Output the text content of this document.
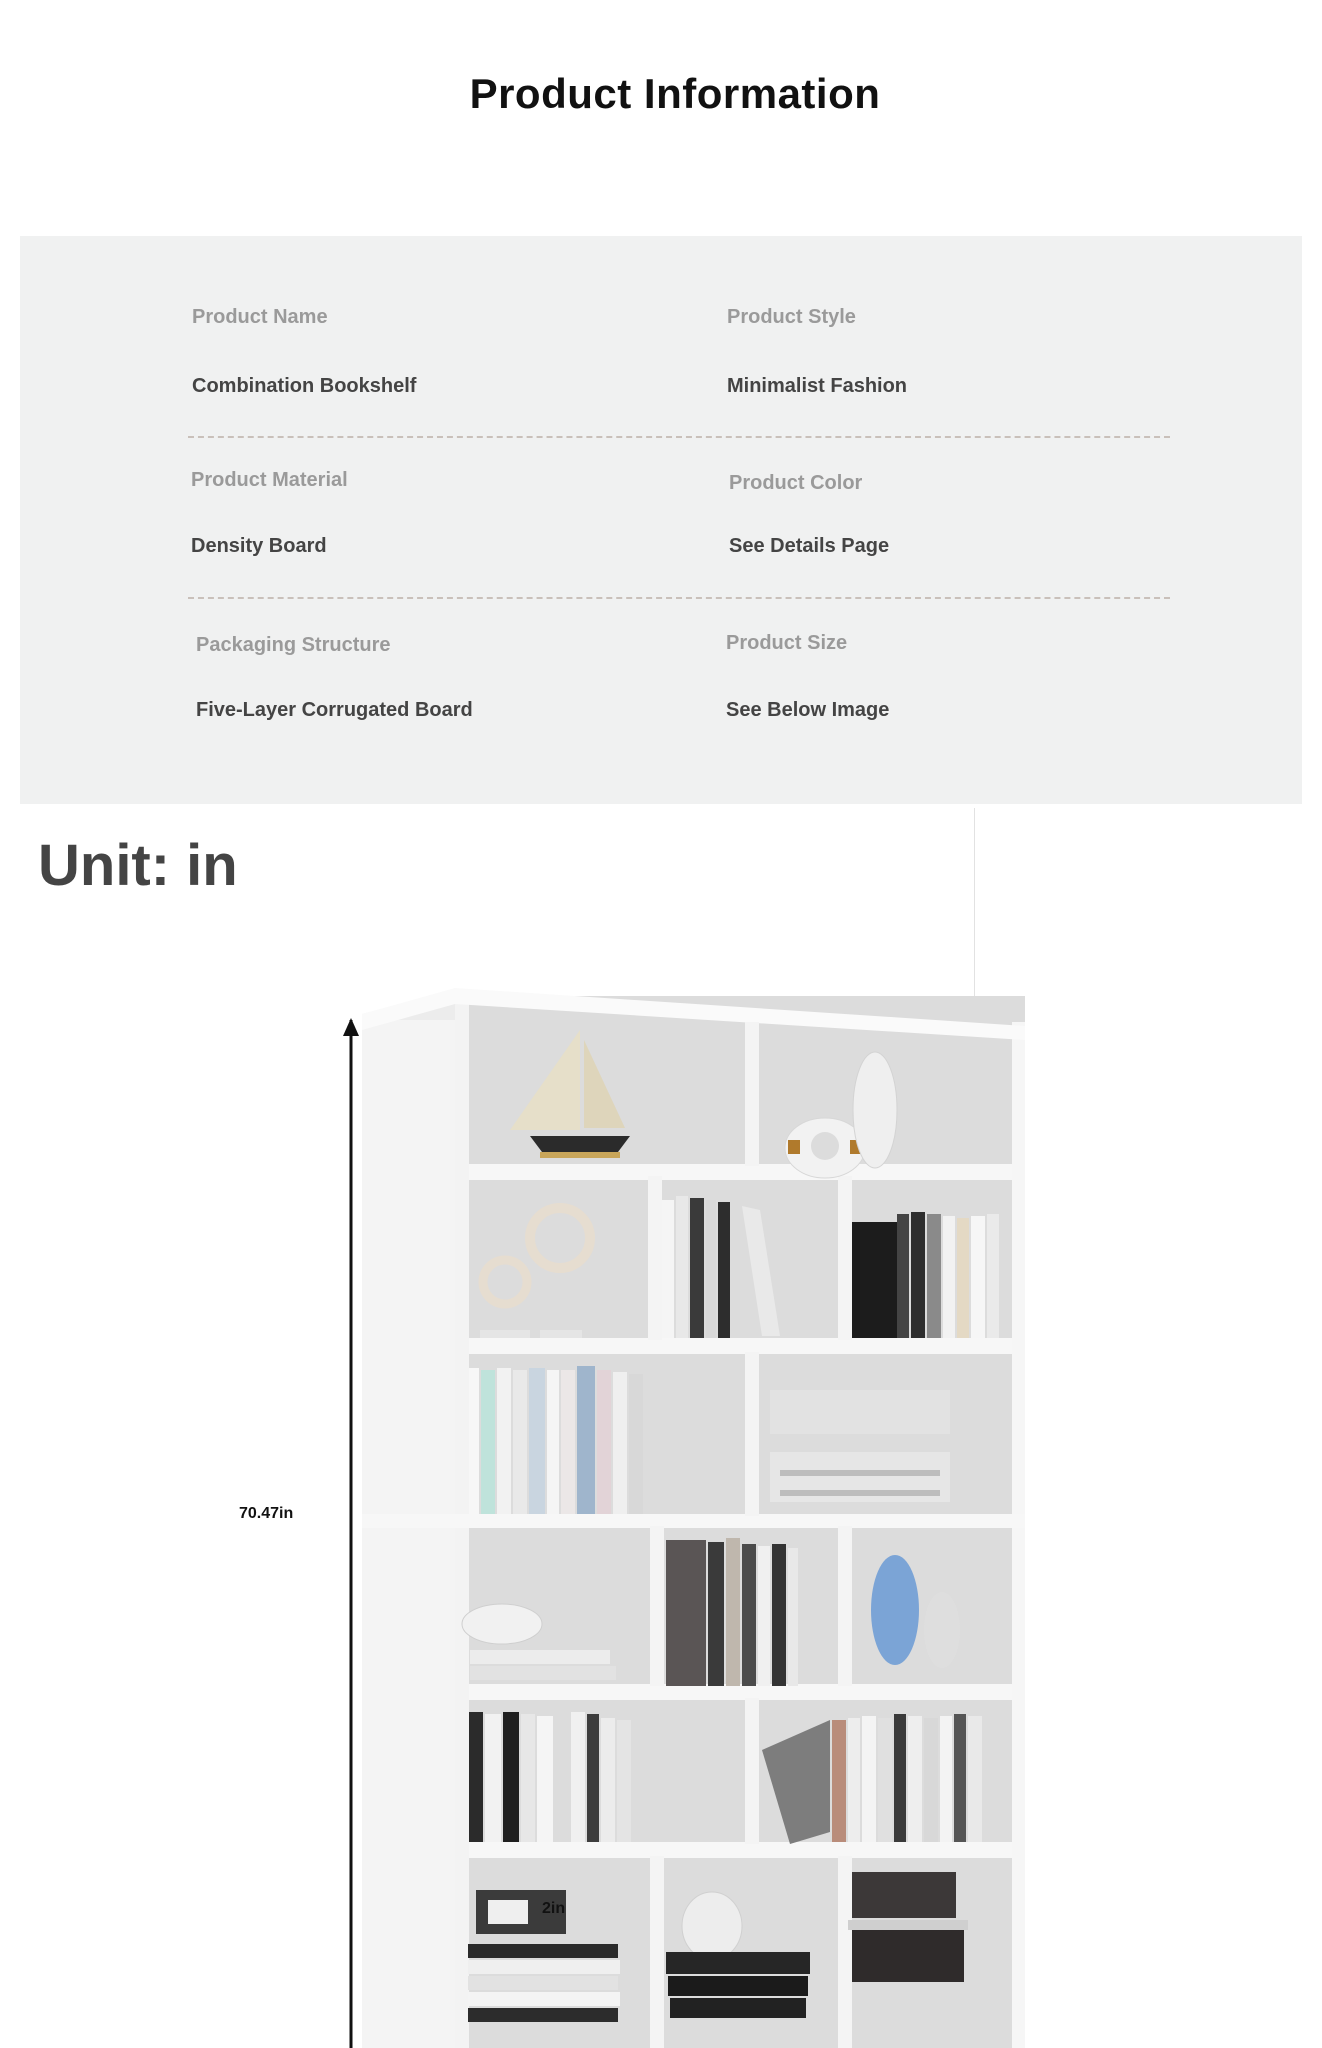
Product Information
Product Name
Combination Bookshelf
Product Style
Minimalist Fashion
Product Material
Density Board
Product Color
See Details Page
Packaging Structure
Five-Layer Corrugated Board
Product Size
See Below Image
Unit: in
70.47in
2in
